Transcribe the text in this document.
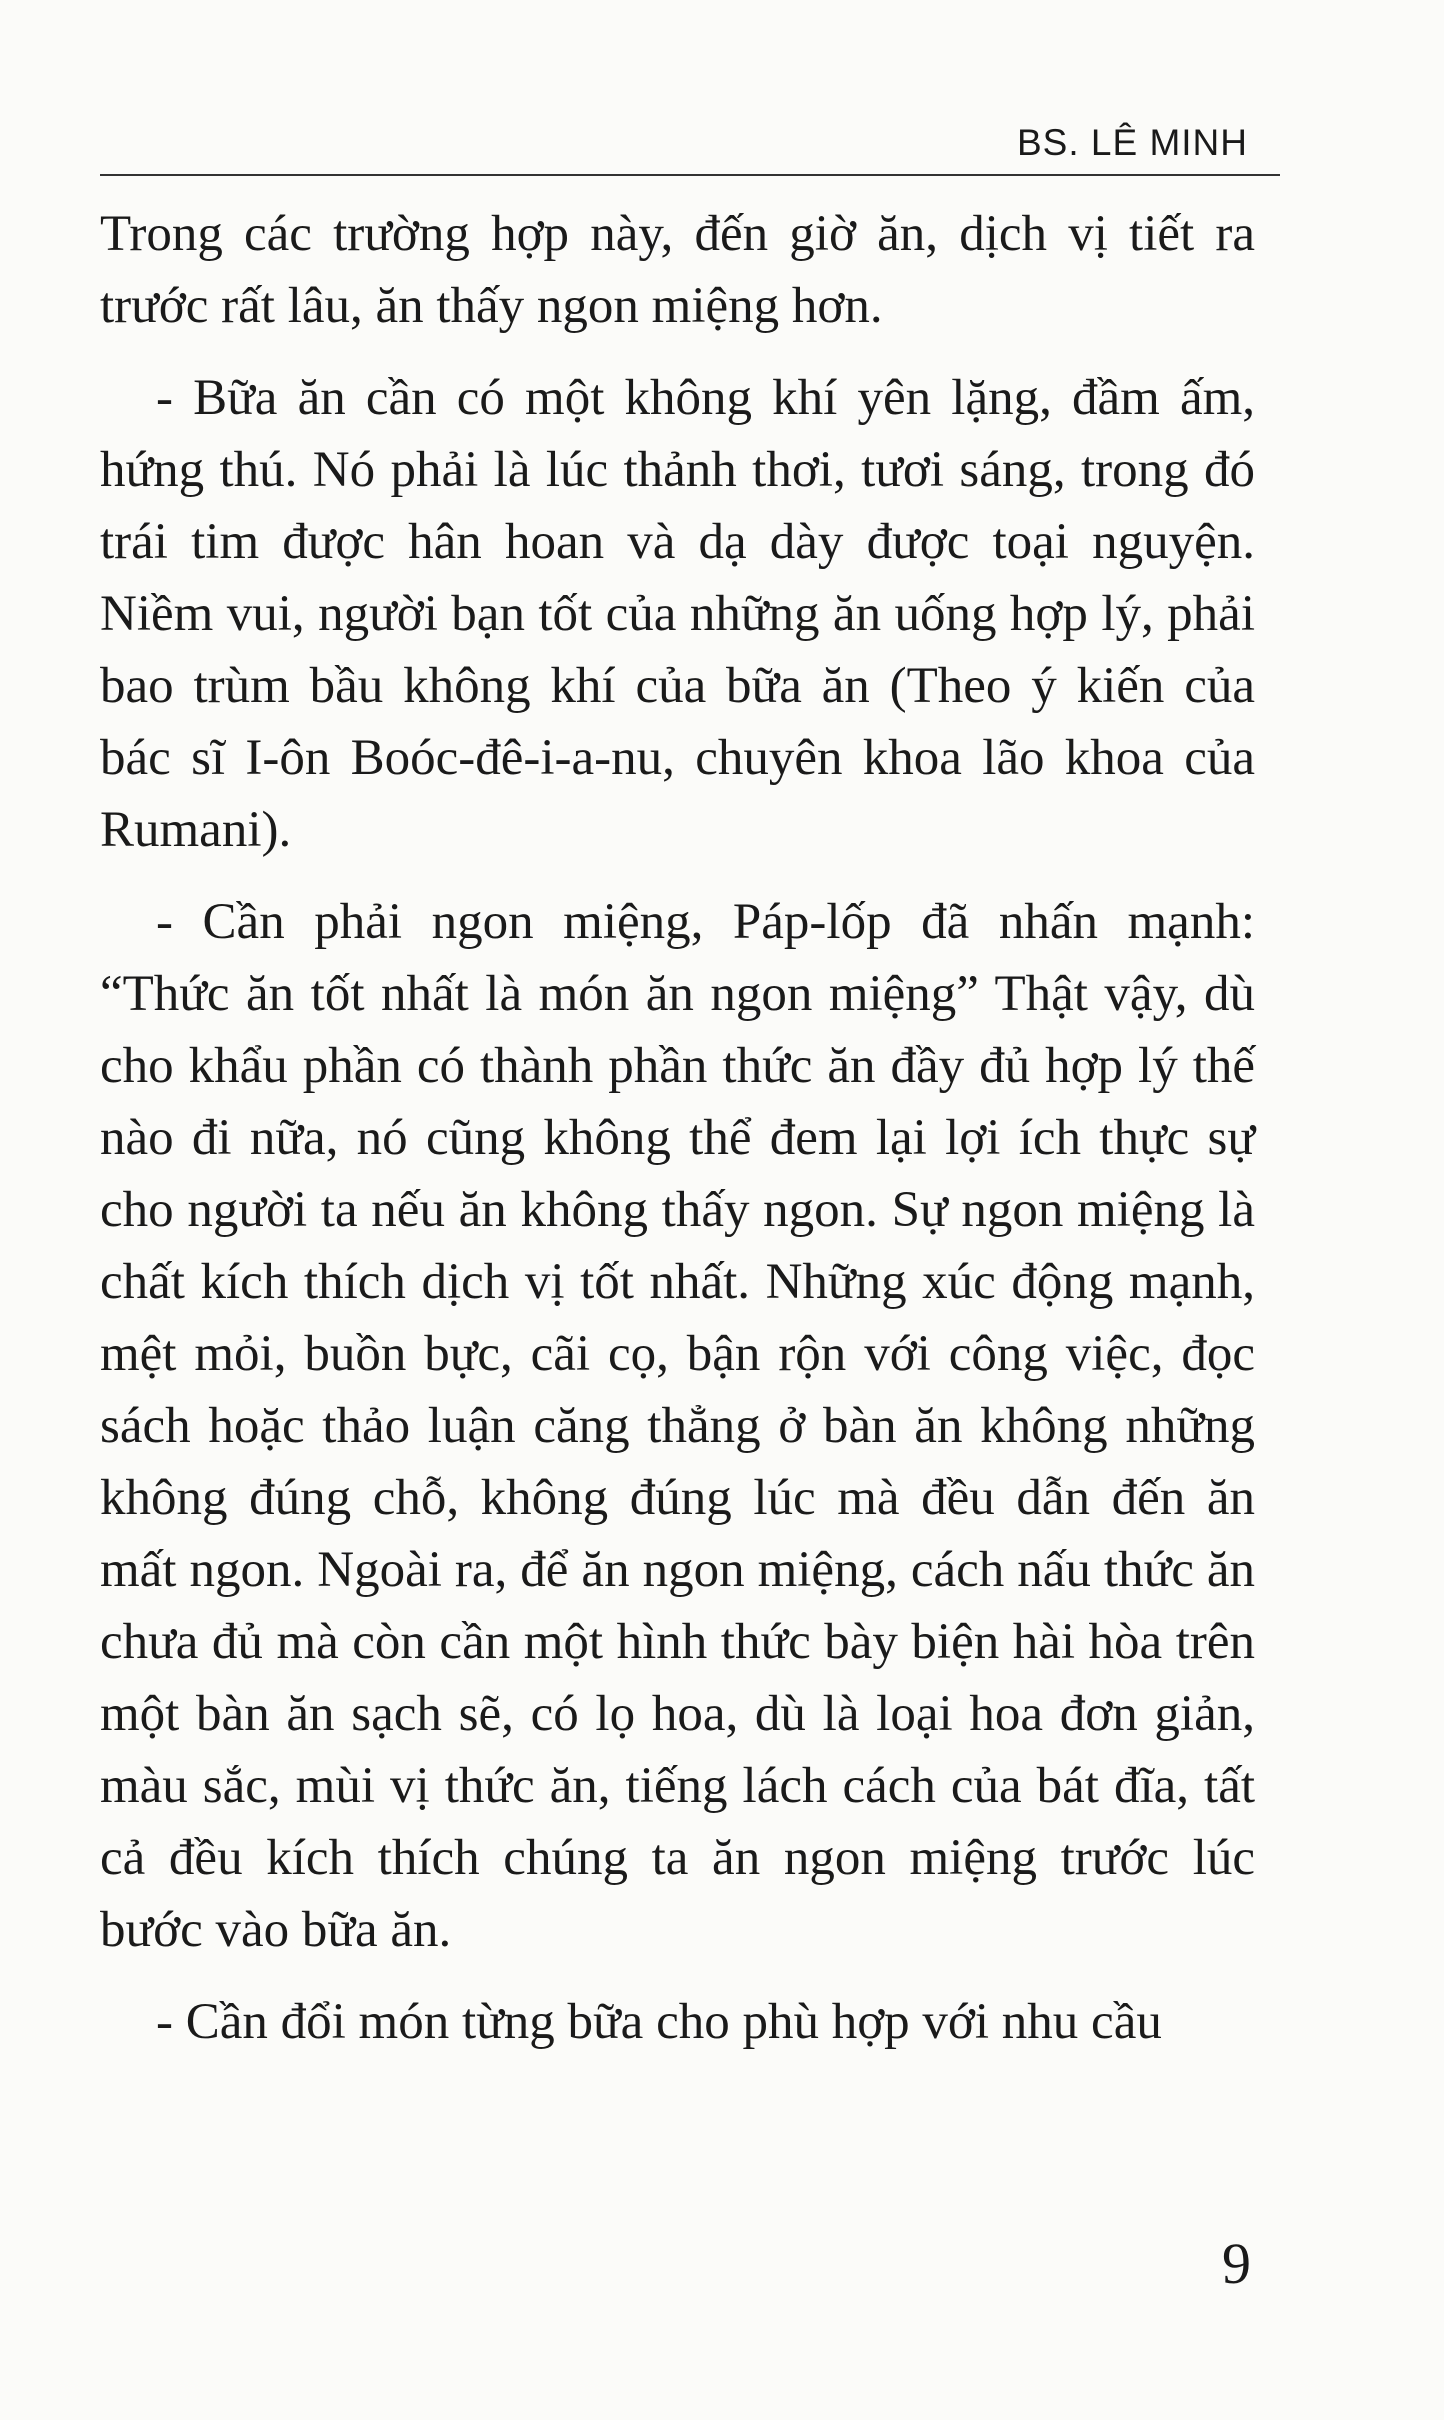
BS. LÊ MINH

Trong các trường hợp này, đến giờ ăn, dịch vị tiết ra trước rất lâu, ăn thấy ngon miệng hơn.

- Bữa ăn cần có một không khí yên lặng, đầm ấm, hứng thú. Nó phải là lúc thảnh thơi, tươi sáng, trong đó trái tim được hân hoan và dạ dày được toại nguyện. Niềm vui, người bạn tốt của những ăn uống hợp lý, phải bao trùm bầu không khí của bữa ăn (Theo ý kiến của bác sĩ I-ôn Boóc-đê-i-a-nu, chuyên khoa lão khoa của Rumani).

- Cần phải ngon miệng, Páp-lốp đã nhấn mạnh: “Thức ăn tốt nhất là món ăn ngon miệng” Thật vậy, dù cho khẩu phần có thành phần thức ăn đầy đủ hợp lý thế nào đi nữa, nó cũng không thể đem lại lợi ích thực sự cho người ta nếu ăn không thấy ngon. Sự ngon miệng là chất kích thích dịch vị tốt nhất. Những xúc động mạnh, mệt mỏi, buồn bực, cãi cọ, bận rộn với công việc, đọc sách hoặc thảo luận căng thẳng ở bàn ăn không những không đúng chỗ, không đúng lúc mà đều dẫn đến ăn mất ngon. Ngoài ra, để ăn ngon miệng, cách nấu thức ăn chưa đủ mà còn cần một hình thức bày biện hài hòa trên một bàn ăn sạch sẽ, có lọ hoa, dù là loại hoa đơn giản, màu sắc, mùi vị thức ăn, tiếng lách cách của bát đĩa, tất cả đều kích thích chúng ta ăn ngon miệng trước lúc bước vào bữa ăn.

- Cần đổi món từng bữa cho phù hợp với nhu cầu

9
